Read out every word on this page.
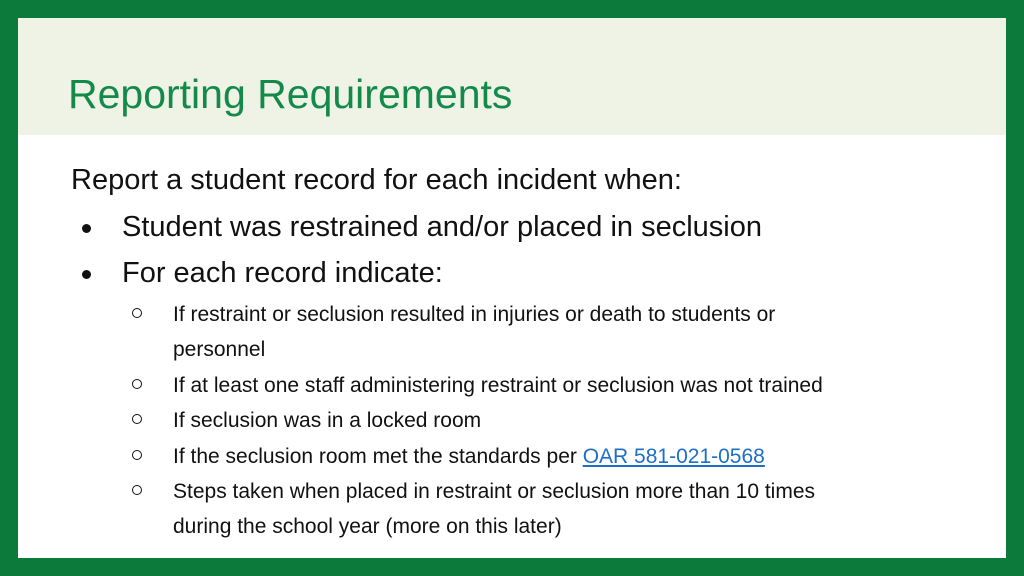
Reporting Requirements

Report a student record for each incident when:

Student was restrained and/or placed in seclusion

For each record indicate:

If restraint or seclusion resulted in injuries or death to students or

personnel

If at least one staff administering restraint or seclusion was not trained

If seclusion was in a locked room

If the seclusion room met the standards per OAR 581-021-0568

Steps taken when placed in restraint or seclusion more than 10 times

during the school year (more on this later)
